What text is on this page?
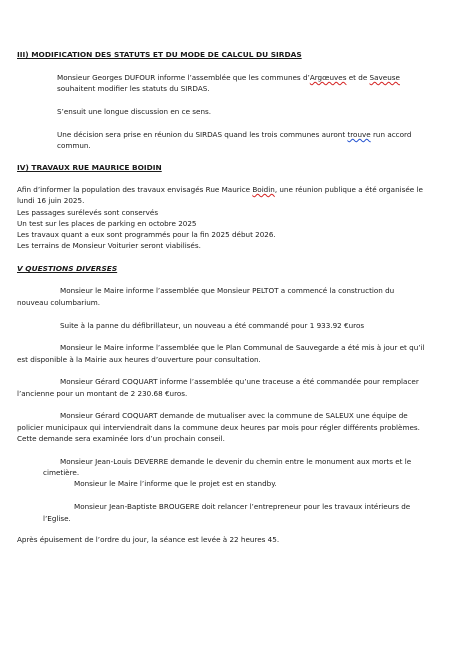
III) MODIFICATION DES STATUTS ET DU MODE DE CALCUL DU SIRDAS

Monsieur Georges DUFOUR informe l’assemblée que les communes d’Argœuves et de Saveuse

souhaitent modifier les statuts du SIRDAS.

S’ensuit une longue discussion en ce sens.

Une décision sera prise en réunion du SIRDAS quand les trois communes auront trouve run accord

commun.

IV) TRAVAUX RUE MAURICE BOIDIN

Afin d’informer la population des travaux envisagés Rue Maurice Boidin, une réunion publique a été organisée le

lundi 16 juin 2025.

Les passages surélevés sont conservés

Un test sur les places de parking en octobre 2025

Les travaux quant a eux sont programmés pour la fin 2025 début 2026.

Les terrains de Monsieur Voiturier seront viabilisés.

V QUESTIONS DIVERSES

Monsieur le Maire informe l’assemblée que Monsieur PELTOT a commencé la construction du

nouveau columbarium.

Suite à la panne du défibrillateur, un nouveau a été commandé pour 1 933.92 €uros

Monsieur le Maire informe l’assemblée que le Plan Communal de Sauvegarde a été mis à jour et qu’il

est disponible à la Mairie aux heures d’ouverture pour consultation.

Monsieur Gérard COQUART informe l’assemblée qu’une traceuse a été commandée pour remplacer

l’ancienne pour un montant de 2 230.68 €uros.

Monsieur Gérard COQUART demande de mutualiser avec la commune de SALEUX une équipe de

policier municipaux qui interviendrait dans la commune deux heures par mois pour régler différents problèmes.

Cette demande sera examinée lors d’un prochain conseil.

Monsieur Jean-Louis DEVERRE demande le devenir du chemin entre le monument aux morts et le

cimetière.

Monsieur le Maire l’informe que le projet est en standby.

Monsieur Jean-Baptiste BROUGERE doit relancer l’entrepreneur pour les travaux intérieurs de

l’Eglise.

Après épuisement de l’ordre du jour, la séance est levée à 22 heures 45.
